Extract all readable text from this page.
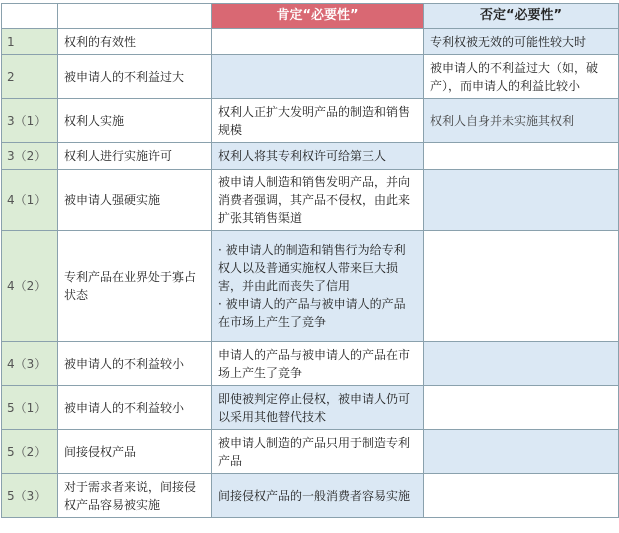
		肯定“必要性”	否定“必要性”
1	权利的有效性		专利权被无效的可能性较大时
2	被申请人的不利益过大		被申请人的不利益过大（如，破产），而申请人的利益比较小
3（1）	权利人实施	权利人正扩大发明产品的制造和销售规模	权利人自身并未实施其权利
3（2）	权利人进行实施许可	权利人将其专利权许可给第三人	
4（1）	被申请人强硬实施	被申请人制造和销售发明产品，并向消费者强调，其产品不侵权，由此来扩张其销售渠道	
4（2）	专利产品在业界处于寡占状态	· 被申请人的制造和销售行为给专利权人以及普通实施权人带来巨大损害，并由此而丧失了信用
· 被申请人的产品与被申请人的产品在市场上产生了竞争	

4（3）	被申请人的不利益较小	申请人的产品与被申请人的产品在市场上产生了竞争	
5（1）	被申请人的不利益较小	即使被判定停止侵权，被申请人仍可以采用其他替代技术	
5（2）	间接侵权产品	被申请人制造的产品只用于制造专利产品	
5（3）	对于需求者来说，间接侵权产品容易被实施	间接侵权产品的一般消费者容易实施	
